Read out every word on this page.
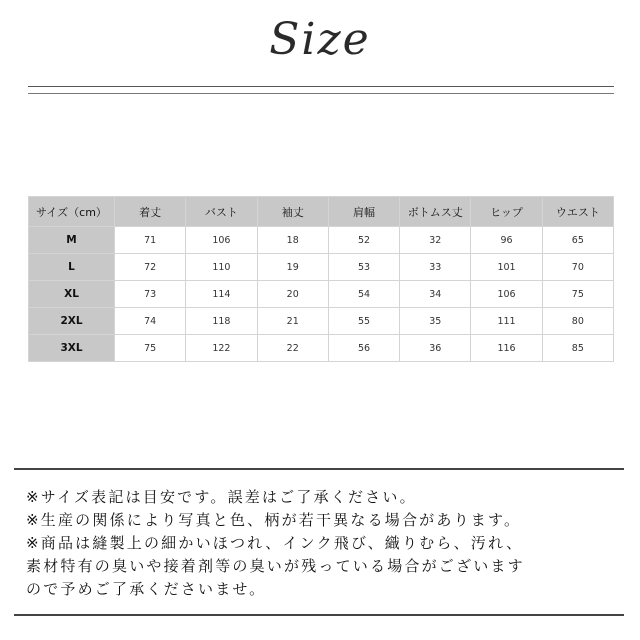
Size
サイズ（cm）	着丈	バスト	袖丈	肩幅	ボトムス丈	ヒップ	ウエスト
M	71	106	18	52	32	96	65
L	72	110	19	53	33	101	70
XL	73	114	20	54	34	106	75
2XL	74	118	21	55	35	111	80
3XL	75	122	22	56	36	116	85
※サイズ表記は目安です。誤差はご了承ください。
※生産の関係により写真と色、柄が若干異なる場合があります。
※商品は縫製上の細かいほつれ、インク飛び、織りむら、汚れ、
素材特有の臭いや接着剤等の臭いが残っている場合がございます
ので予めご了承くださいませ。
